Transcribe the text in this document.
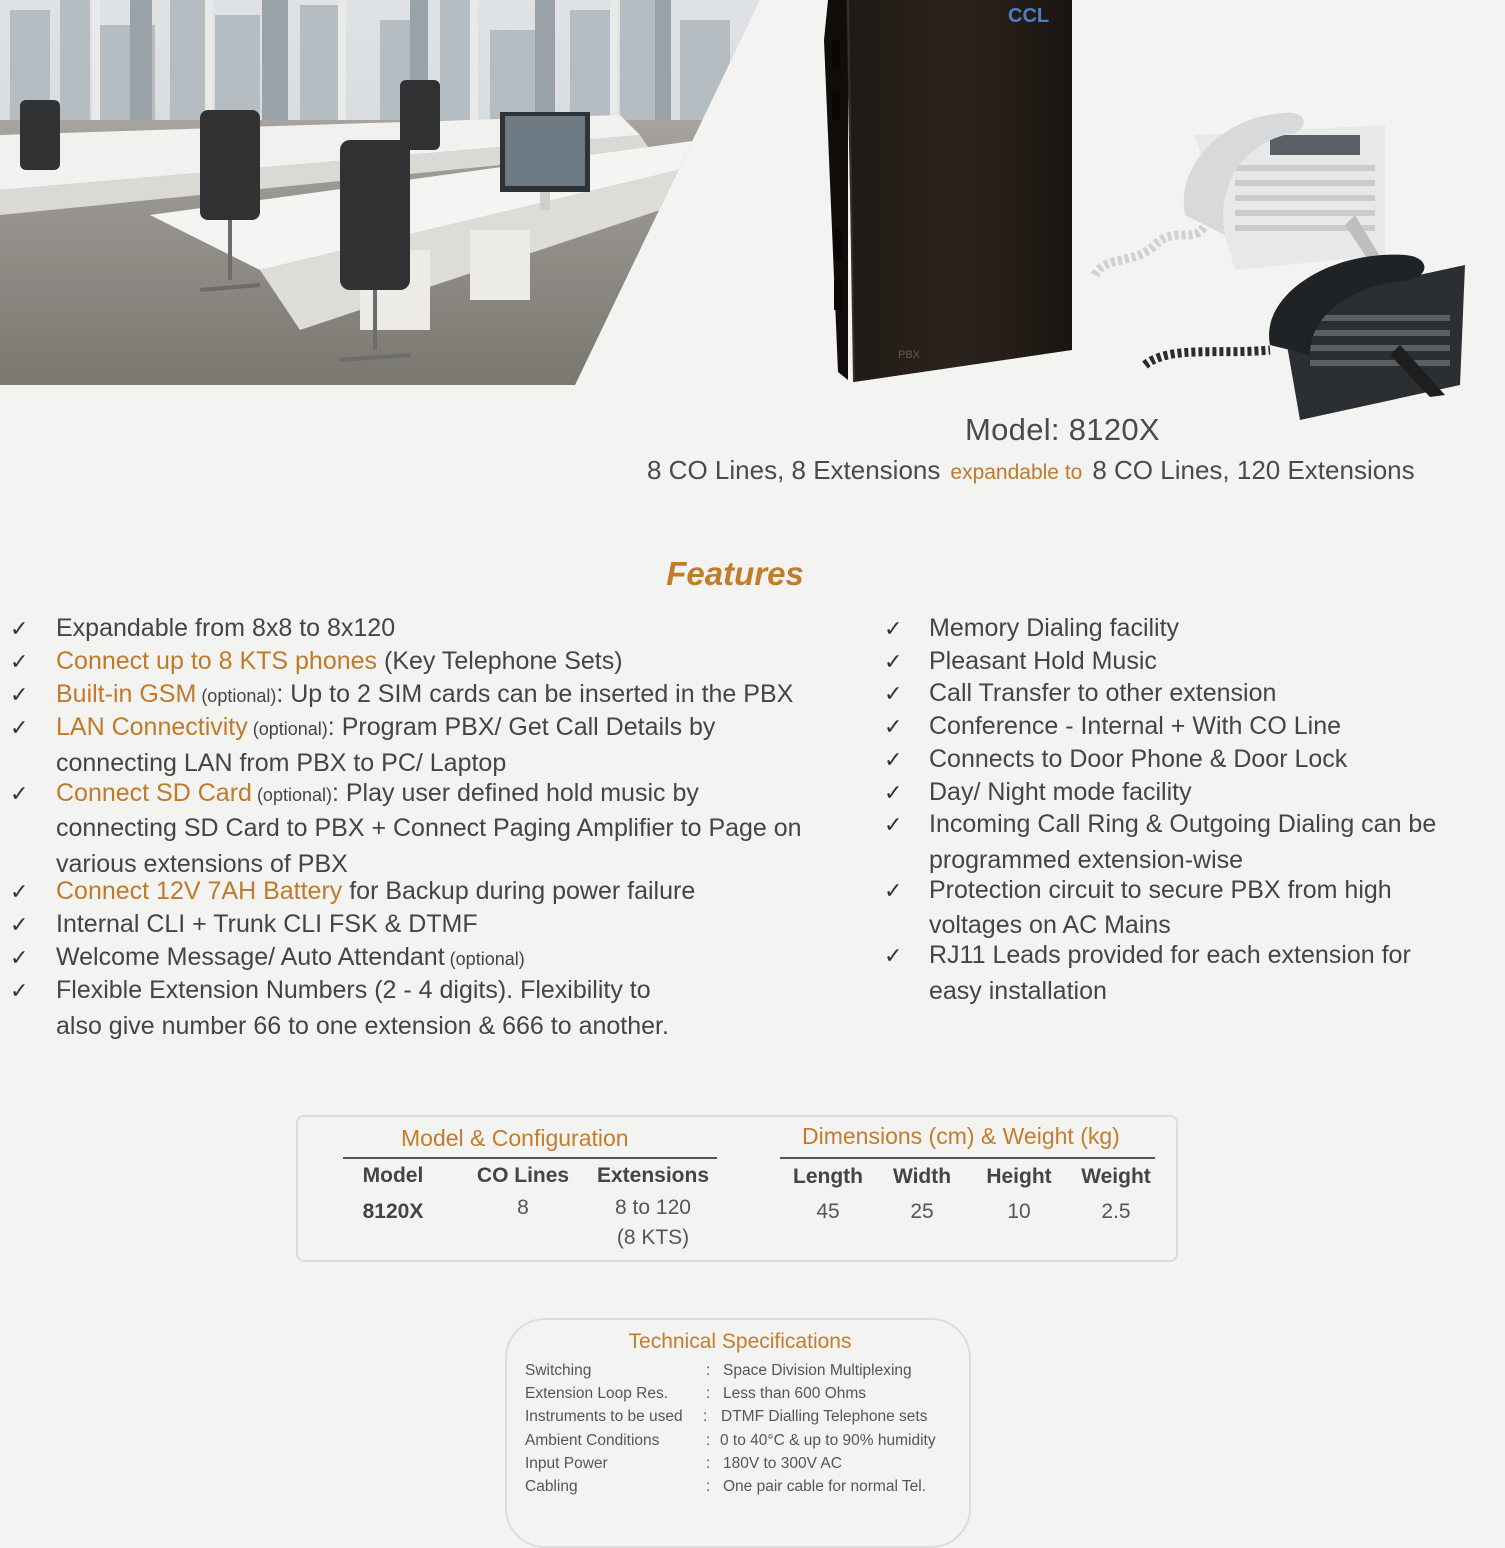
CCL
PBX
Model: 8120X
8 CO Lines, 8 Extensions expandable to 8 CO Lines, 120 Extensions
Features
✓ Expandable from 8x8 to 8x120
✓ Connect up to 8 KTS phones (Key Telephone Sets)
✓ Built-in GSM (optional): Up to 2 SIM cards can be inserted in the PBX
✓ LAN Connectivity (optional): Program PBX/ Get Call Details by
connecting LAN from PBX to PC/ Laptop
✓ Connect SD Card (optional): Play user defined hold music by
connecting SD Card to PBX + Connect Paging Amplifier to Page on
various extensions of PBX
✓ Connect 12V 7AH Battery for Backup during power failure
✓ Internal CLI + Trunk CLI FSK & DTMF
✓ Welcome Message/ Auto Attendant (optional)
✓ Flexible Extension Numbers (2 - 4 digits). Flexibility to
also give number 66 to one extension & 666 to another.
✓ Memory Dialing facility
✓ Pleasant Hold Music
✓ Call Transfer to other extension
✓ Conference - Internal + With CO Line
✓ Connects to Door Phone & Door Lock
✓ Day/ Night mode facility
✓ Incoming Call Ring & Outgoing Dialing can be
programmed extension-wise
✓ Protection circuit to secure PBX from high
voltages on AC Mains
✓ RJ11 Leads provided for each extension for
easy installation
Model & Configuration
Model	CO Lines	Extensions
8120X	8	8 to 120
(8 KTS)
Dimensions (cm) & Weight (kg)
Length	Width	Height	Weight
45	25	10	2.5
Technical Specifications
Switching	: Space Division Multiplexing
Extension Loop Res. : Less than 600 Ohms
Instruments to be used : DTMF Dialling Telephone sets
Ambient Conditions	: 0 to 40°C & up to 90% humidity
Input Power	: 180V to 300V AC
Cabling	: One pair cable for normal Tel.
